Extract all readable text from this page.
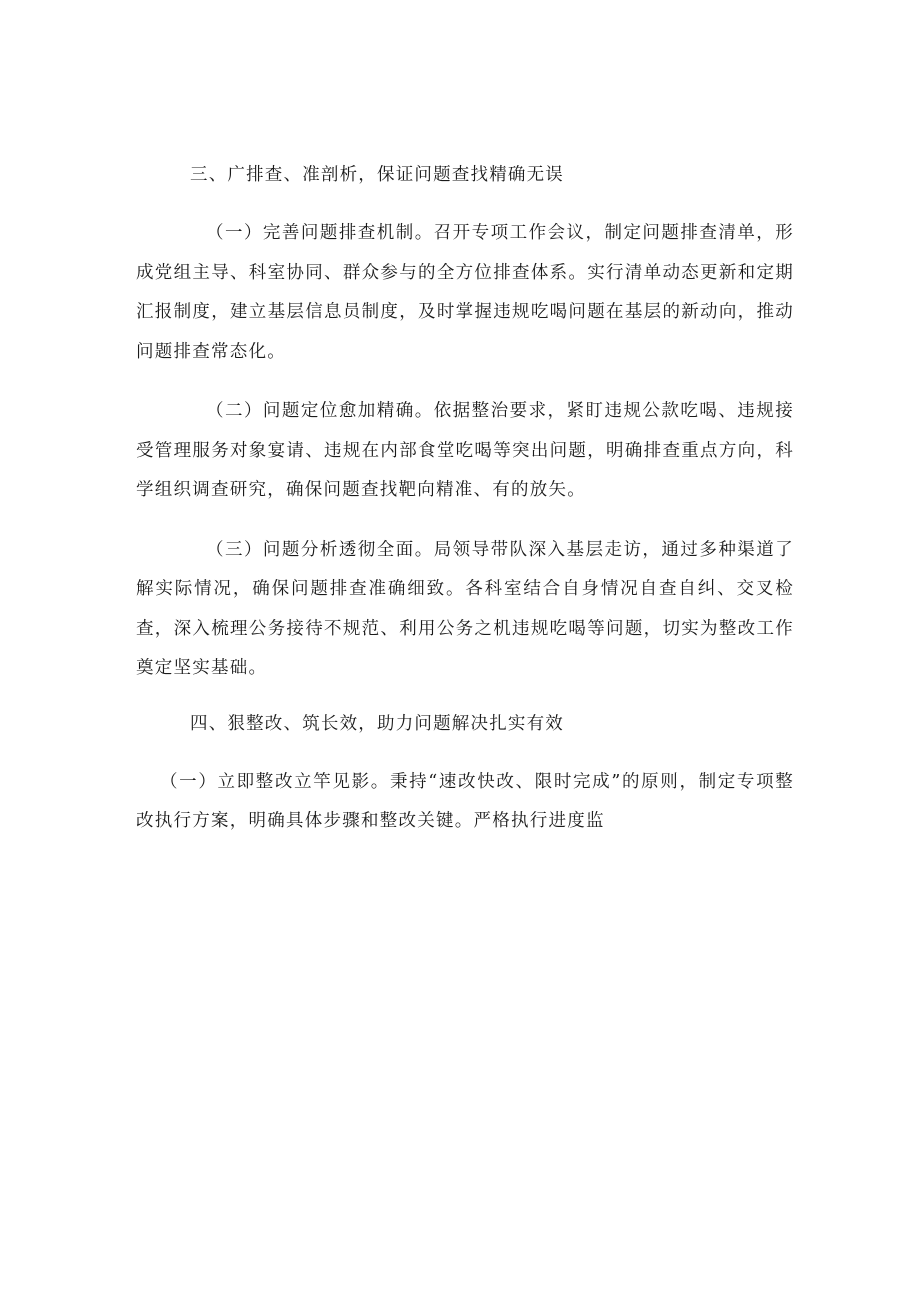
三、广排查、准剖析，保证问题查找精确无误

（一）完善问题排查机制。召开专项工作会议，制定问题排查清单，形成党组主导、科室协同、群众参与的全方位排查体系。实行清单动态更新和定期汇报制度，建立基层信息员制度，及时掌握违规吃喝问题在基层的新动向，推动问题排查常态化。

（二）问题定位愈加精确。依据整治要求，紧盯违规公款吃喝、违规接受管理服务对象宴请、违规在内部食堂吃喝等突出问题，明确排查重点方向，科学组织调查研究，确保问题查找靶向精准、有的放矢。

（三）问题分析透彻全面。局领导带队深入基层走访，通过多种渠道了解实际情况，确保问题排查准确细致。各科室结合自身情况自查自纠、交叉检查，深入梳理公务接待不规范、利用公务之机违规吃喝等问题，切实为整改工作奠定坚实基础。

四、狠整改、筑长效，助力问题解决扎实有效

（一）立即整改立竿见影。秉持“速改快改、限时完成”的原则，制定专项整改执行方案，明确具体步骤和整改关键。严格执行进度监
